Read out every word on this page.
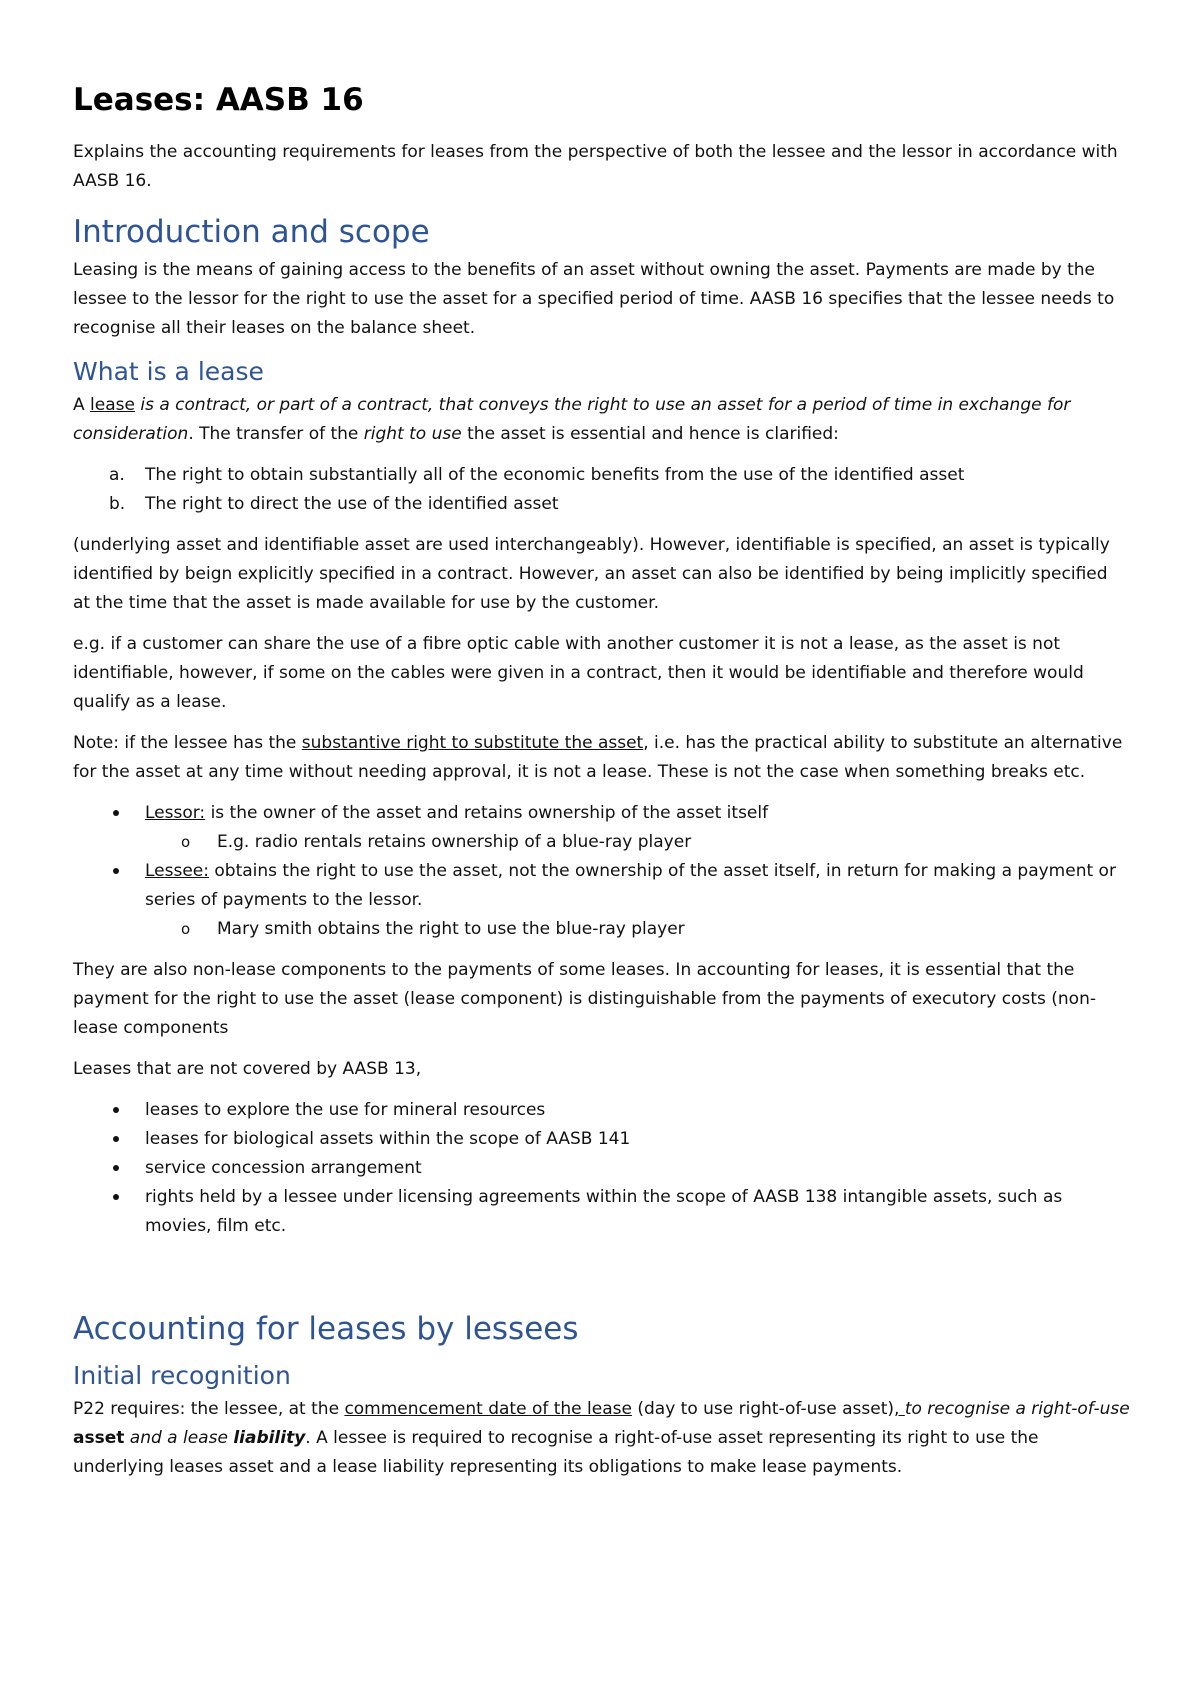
Leases: AASB 16

Explains the accounting requirements for leases from the perspective of both the lessee and the lessor in accordance with AASB 16.

Introduction and scope

Leasing is the means of gaining access to the benefits of an asset without owning the asset. Payments are made by the lessee to the lessor for the right to use the asset for a specified period of time. AASB 16 specifies that the lessee needs to recognise all their leases on the balance sheet.

What is a lease

A lease is a contract, or part of a contract, that conveys the right to use an asset for a period of time in exchange for consideration. The transfer of the right to use the asset is essential and hence is clarified:

a. The right to obtain substantially all of the economic benefits from the use of the identified asset
b. The right to direct the use of the identified asset

(underlying asset and identifiable asset are used interchangeably). However, identifiable is specified, an asset is typically identified by beign explicitly specified in a contract. However, an asset can also be identified by being implicitly specified at the time that the asset is made available for use by the customer.

e.g. if a customer can share the use of a fibre optic cable with another customer it is not a lease, as the asset is not identifiable, however, if some on the cables were given in a contract, then it would be identifiable and therefore would qualify as a lease.

Note: if the lessee has the substantive right to substitute the asset, i.e. has the practical ability to substitute an alternative for the asset at any time without needing approval, it is not a lease. These is not the case when something breaks etc.

Lessor: is the owner of the asset and retains ownership of the asset itself
o E.g. radio rentals retains ownership of a blue-ray player
Lessee: obtains the right to use the asset, not the ownership of the asset itself, in return for making a payment or series of payments to the lessor.
o Mary smith obtains the right to use the blue-ray player

They are also non-lease components to the payments of some leases. In accounting for leases, it is essential that the payment for the right to use the asset (lease component) is distinguishable from the payments of executory costs (non-lease components

Leases that are not covered by AASB 13,

leases to explore the use for mineral resources
leases for biological assets within the scope of AASB 141
service concession arrangement
rights held by a lessee under licensing agreements within the scope of AASB 138 intangible assets, such as movies, film etc.
Accounting for leases by lessees
Initial recognition

P22 requires: the lessee, at the commencement date of the lease (day to use right-of-use asset), to recognise a right-of-use asset and a lease liability. A lessee is required to recognise a right-of-use asset representing its right to use the underlying leases asset and a lease liability representing its obligations to make lease payments.
